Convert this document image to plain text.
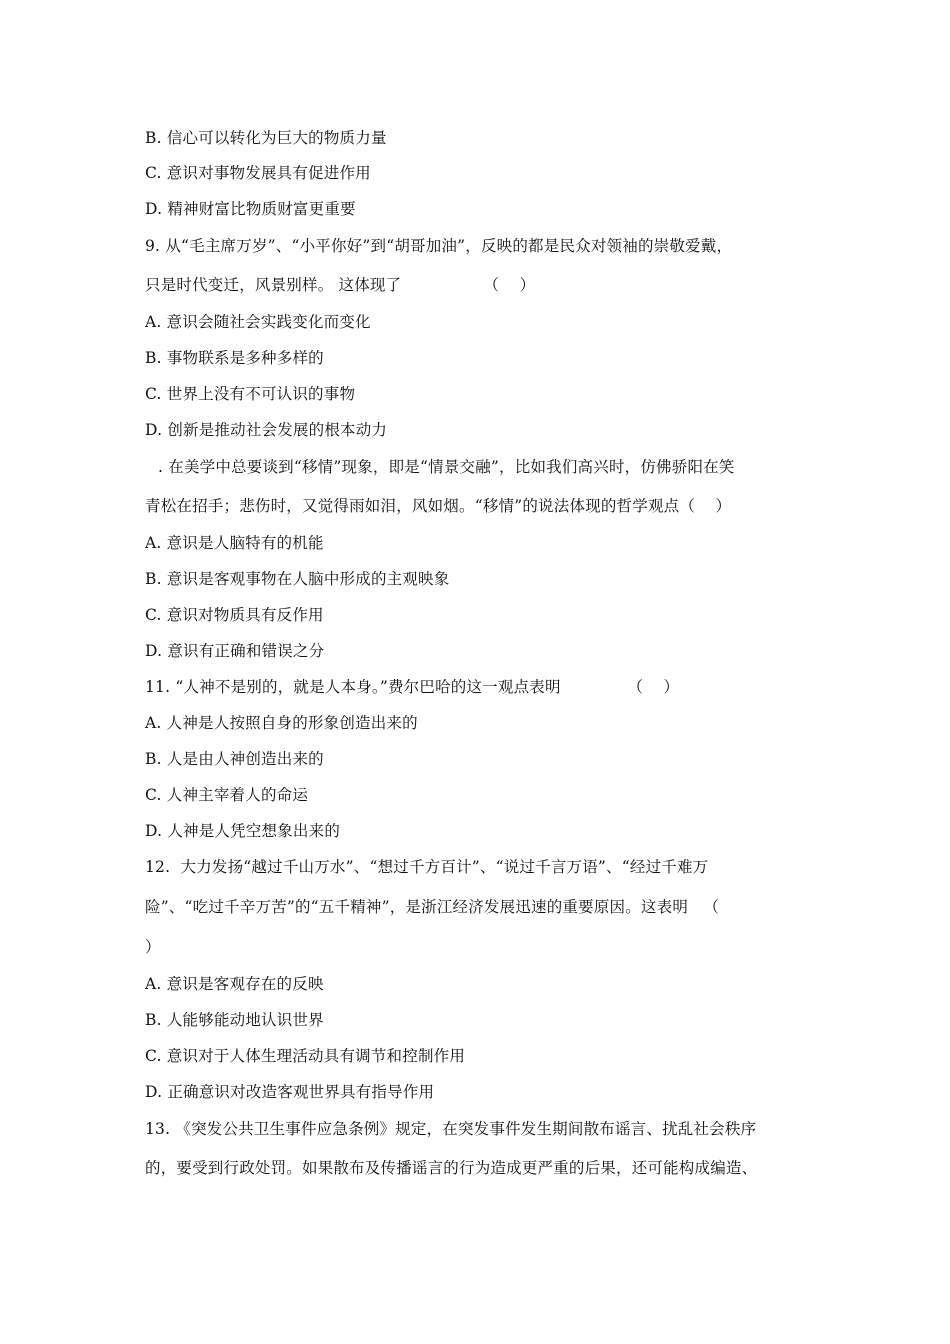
B. 信心可以转化为巨大的物质力量
C. 意识对事物发展具有促进作用
D. 精神财富比物质财富更重要
9. 从“毛主席万岁”、“小平你好”到“胡哥加油”，反映的都是民众对领袖的崇敬爱戴，
只是时代变迁，风景别样。 这体现了                （    ）
A. 意识会随社会实践变化而变化
B. 事物联系是多种多样的
C. 世界上没有不可认识的事物
D. 创新是推动社会发展的根本动力
. 在美学中总要谈到“移情”现象，即是“情景交融”，比如我们高兴时，仿佛骄阳在笑
青松在招手；悲伤时，又觉得雨如泪，风如烟。“移情”的说法体现的哲学观点（    ）
A. 意识是人脑特有的机能
B. 意识是客观事物在人脑中形成的主观映象
C. 意识对物质具有反作用
D. 意识有正确和错误之分
11. “人神不是别的，就是人本身。”费尔巴哈的这一观点表明             （    ）
A. 人神是人按照自身的形象创造出来的
B. 人是由人神创造出来的
C. 人神主宰着人的命运
D. 人神是人凭空想象出来的
12.  大力发扬“越过千山万水”、“想过千方百计”、“说过千言万语”、“经过千难万
险”、“吃过千辛万苦”的“五千精神”，是浙江经济发展迅速的重要原因。这表明   （
）
A. 意识是客观存在的反映
B. 人能够能动地认识世界
C. 意识对于人体生理活动具有调节和控制作用
D. 正确意识对改造客观世界具有指导作用
13. 《突发公共卫生事件应急条例》规定，在突发事件发生期间散布谣言、扰乱社会秩序
的，要受到行政处罚。如果散布及传播谣言的行为造成更严重的后果，还可能构成编造、
